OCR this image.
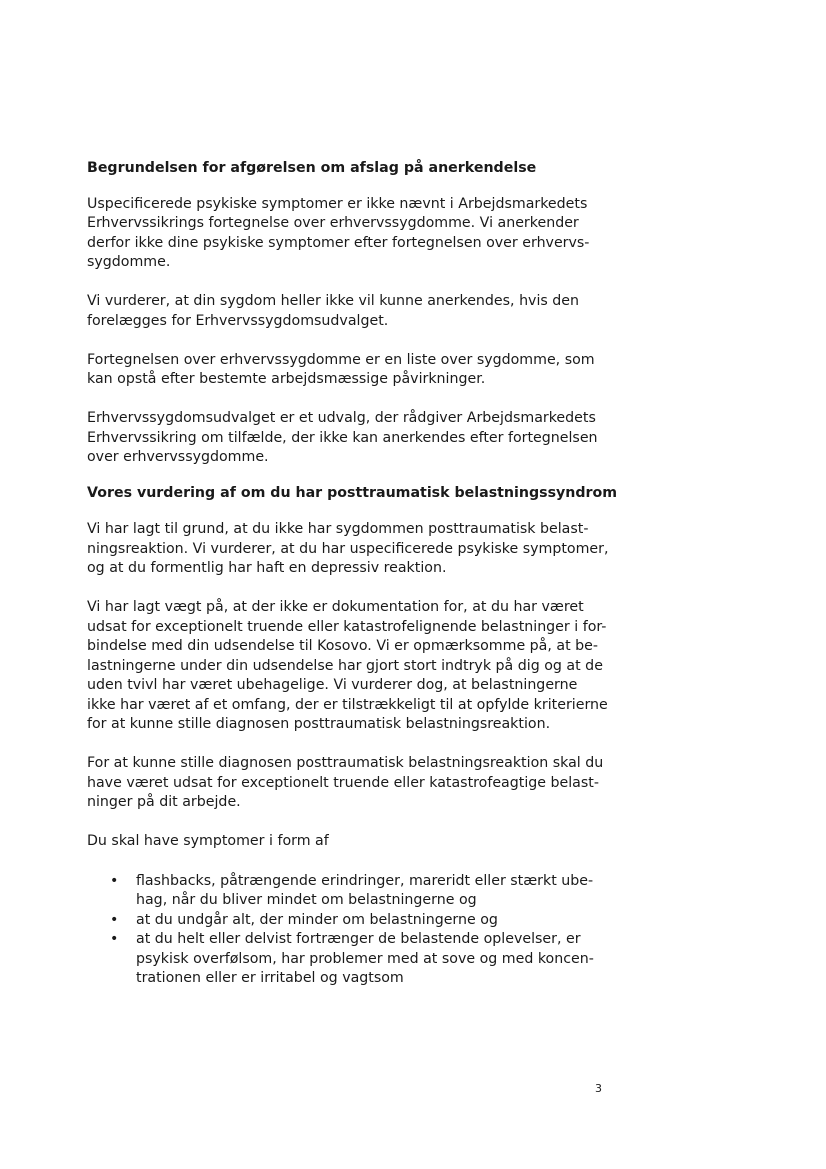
Begrundelsen for afgørelsen om afslag på anerkendelse
Uspecificerede psykiske symptomer er ikke nævnt i Arbejdsmarkedets
Erhvervssikrings fortegnelse over erhvervssygdomme. Vi anerkender
derfor ikke dine psykiske symptomer efter fortegnelsen over erhvervs-
sygdomme.
Vi vurderer, at din sygdom heller ikke vil kunne anerkendes, hvis den
forelægges for Erhvervssygdomsudvalget.
Fortegnelsen over erhvervssygdomme er en liste over sygdomme, som
kan opstå efter bestemte arbejdsmæssige påvirkninger.
Erhvervssygdomsudvalget er et udvalg, der rådgiver Arbejdsmarkedets
Erhvervssikring om tilfælde, der ikke kan anerkendes efter fortegnelsen
over erhvervssygdomme.
Vores vurdering af om du har posttraumatisk belastningssyndrom
Vi har lagt til grund, at du ikke har sygdommen posttraumatisk belast-
ningsreaktion. Vi vurderer, at du har uspecificerede psykiske symptomer,
og at du formentlig har haft en depressiv reaktion.
Vi har lagt vægt på, at der ikke er dokumentation for, at du har været
udsat for exceptionelt truende eller katastrofelignende belastninger i for-
bindelse med din udsendelse til Kosovo. Vi er opmærksomme på, at be-
lastningerne under din udsendelse har gjort stort indtryk på dig og at de
uden tvivl har været ubehagelige. Vi vurderer dog, at belastningerne
ikke har været af et omfang, der er tilstrækkeligt til at opfylde kriterierne
for at kunne stille diagnosen posttraumatisk belastningsreaktion.
For at kunne stille diagnosen posttraumatisk belastningsreaktion skal du
have været udsat for exceptionelt truende eller katastrofeagtige belast-
ninger på dit arbejde.
Du skal have symptomer i form af
• flashbacks, påtrængende erindringer, mareridt eller stærkt ube-
hag, når du bliver mindet om belastningerne og
• at du undgår alt, der minder om belastningerne og
• at du helt eller delvist fortrænger de belastende oplevelser, er
psykisk overfølsom, har problemer med at sove og med koncen-
trationen eller er irritabel og vagtsom
3
